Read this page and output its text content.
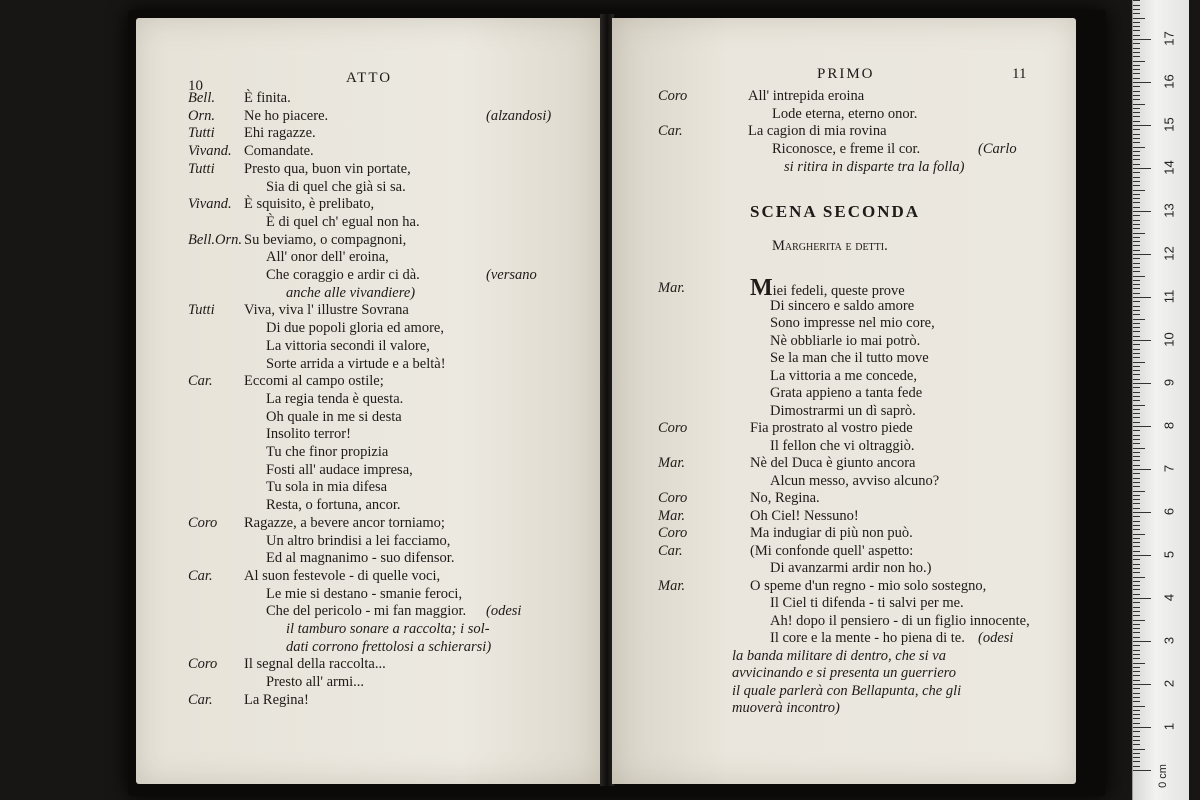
10	ATTO
Bell. È finita.
Orn. Ne ho piacere.	(alzandosi)
Tutti Ehi ragazze.
Vivand. Comandate.
Tutti Presto qua, buon vin portate,
Sia di quel che già si sa.
Vivand. È squisito, è prelibato,
È di quel ch' egual non ha.
Bell.Orn. Su beviamo, o compagnoni,
All' onor dell' eroina,
Che coraggio e ardir ci dà.	(versano
anche alle vivandiere)
Tutti Viva, viva l' illustre Sovrana
Di due popoli gloria ed amore,
La vittoria secondi il valore,
Sorte arrida a virtude e a beltà!
Car. Eccomi al campo ostile;
La regia tenda è questa.
Oh quale in me si desta
Insolito terror!
Tu che finor propizia
Fosti all' audace impresa,
Tu sola in mia difesa
Resta, o fortuna, ancor.
Coro Ragazze, a bevere ancor torniamo;
Un altro brindisi a lei facciamo,
Ed al magnanimo - suo difensor.
Car. Al suon festevole - di quelle voci,
Le mie si destano - smanie feroci,
Che del pericolo - mi fan maggior. (odesi
il tamburo sonare a raccolta; i sol-
dati corrono frettolosi a schierarsi)
Coro Il segnal della raccolta...
Presto all' armi...
Car. La Regina!
PRIMO	11
Coro	All' intrepida eroina
Lode eterna, eterno onor.
Car.	La cagion di mia rovina
Riconosce, e freme il cor.	(Carlo
si ritira in disparte tra la folla)
SCENA SECONDA
Margherita e detti.
Mar.	Miei fedeli, queste prove
Di sincero e saldo amore
Sono impresse nel mio core,
Nè obbliarle io mai potrò.
Se la man che il tutto move
La vittoria a me concede,
Grata appieno a tanta fede
Dimostrarmi un dì saprò.
Coro	Fia prostrato al vostro piede
Il fellon che vi oltraggiò.
Mar.	Nè del Duca è giunto ancora
Alcun messo, avviso alcuno?
Coro	No, Regina.
Mar.	Oh Ciel! Nessuno!
Coro	Ma indugiar di più non può.
Car.	(Mi confonde quell' aspetto:
Di avanzarmi ardir non ho.)
Mar.	O speme d'un regno - mio solo sostegno,
Il Ciel ti difenda - ti salvi per me.
Ah! dopo il pensiero - di un figlio innocente,
Il core e la mente - ho piena di te. (odesi
la banda militare di dentro, che si va
avvicinando e si presenta un guerriero
il quale parlerà con Bellapunta, che gli
muoverà incontro)
0 cm
1
2
3
4
5
6
7
8
9
10
11
12
13
14
15
16
17
